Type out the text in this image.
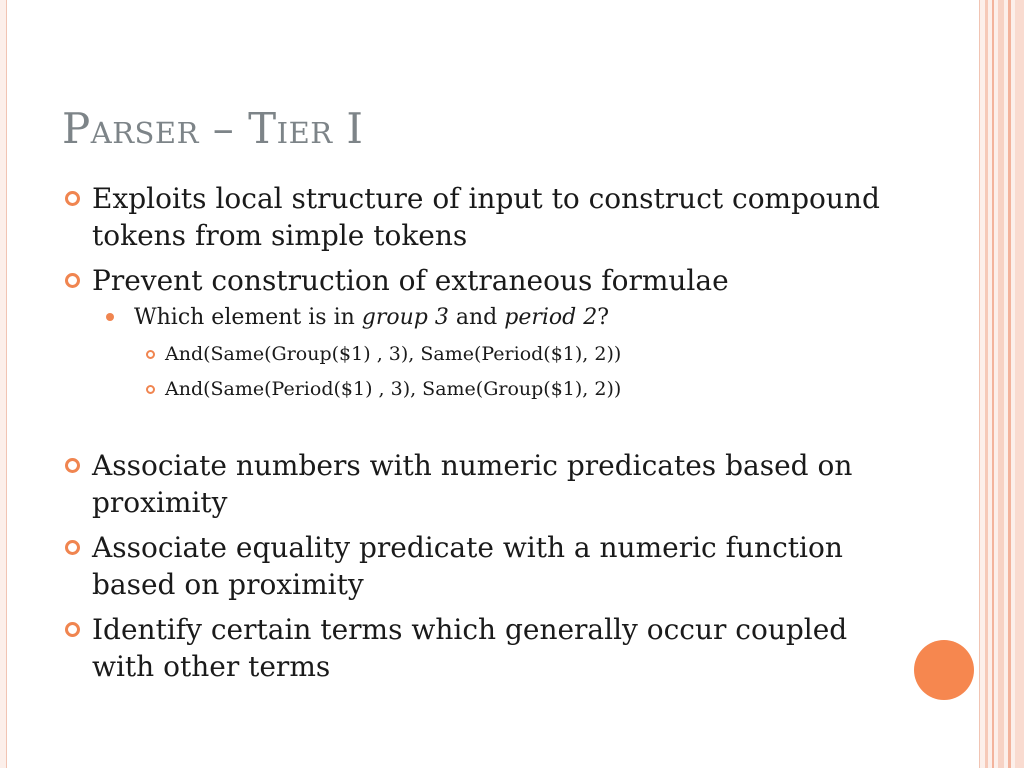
Parser – Tier I
Exploits local structure of input to construct compound tokens from simple tokens
Prevent construction of extraneous formulae
Which element is in group 3 and period 2?
And(Same(Group($1) , 3), Same(Period($1), 2))
And(Same(Period($1) , 3), Same(Group($1), 2))
Associate numbers with numeric predicates based on proximity
Associate equality predicate with a numeric function based on proximity
Identify certain terms which generally occur coupled with other terms
